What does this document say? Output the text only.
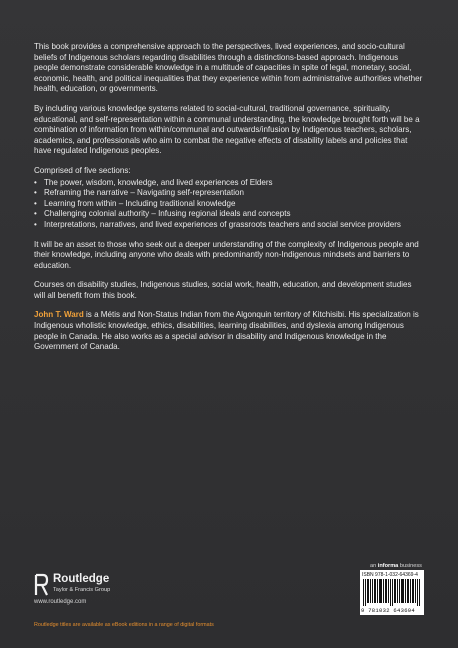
This book provides a comprehensive approach to the perspectives, lived experiences, and socio-cultural beliefs of Indigenous scholars regarding disabilities through a distinctions-based approach. Indigenous people demonstrate considerable knowledge in a multitude of capacities in spite of legal, monetary, social, economic, health, and political inequalities that they experience within from administrative authorities whether health, education, or governments.

By including various knowledge systems related to social-cultural, traditional governance, spirituality, educational, and self-representation within a communal understanding, the knowledge brought forth will be a combination of information from within/communal and outwards/infusion by Indigenous teachers, scholars, academics, and professionals who aim to combat the negative effects of disability labels and policies that have regulated Indigenous peoples.

Comprised of five sections:

• The power, wisdom, knowledge, and lived experiences of Elders
• Reframing the narrative – Navigating self-representation
• Learning from within – Including traditional knowledge
• Challenging colonial authority – Infusing regional ideals and concepts
• Interpretations, narratives, and lived experiences of grassroots teachers and social service providers

It will be an asset to those who seek out a deeper understanding of the complexity of Indigenous people and their knowledge, including anyone who deals with predominantly non-Indigenous mindsets and barriers to education.

Courses on disability studies, Indigenous studies, social work, health, education, and development studies will all benefit from this book.

John T. Ward is a Métis and Non-Status Indian from the Algonquin territory of Kitchisibi. His specialization is Indigenous wholistic knowledge, ethics, disabilities, learning disabilities, and dyslexia among Indigenous people in Canada. He also works as a special advisor in disability and Indigenous knowledge in the Government of Canada.

Routledge
Taylor & Francis Group
www.routledge.com
an informa business
ISBN 978-1-032-64369-4
9 781032 643694
Routledge titles are available as eBook editions in a range of digital formats
